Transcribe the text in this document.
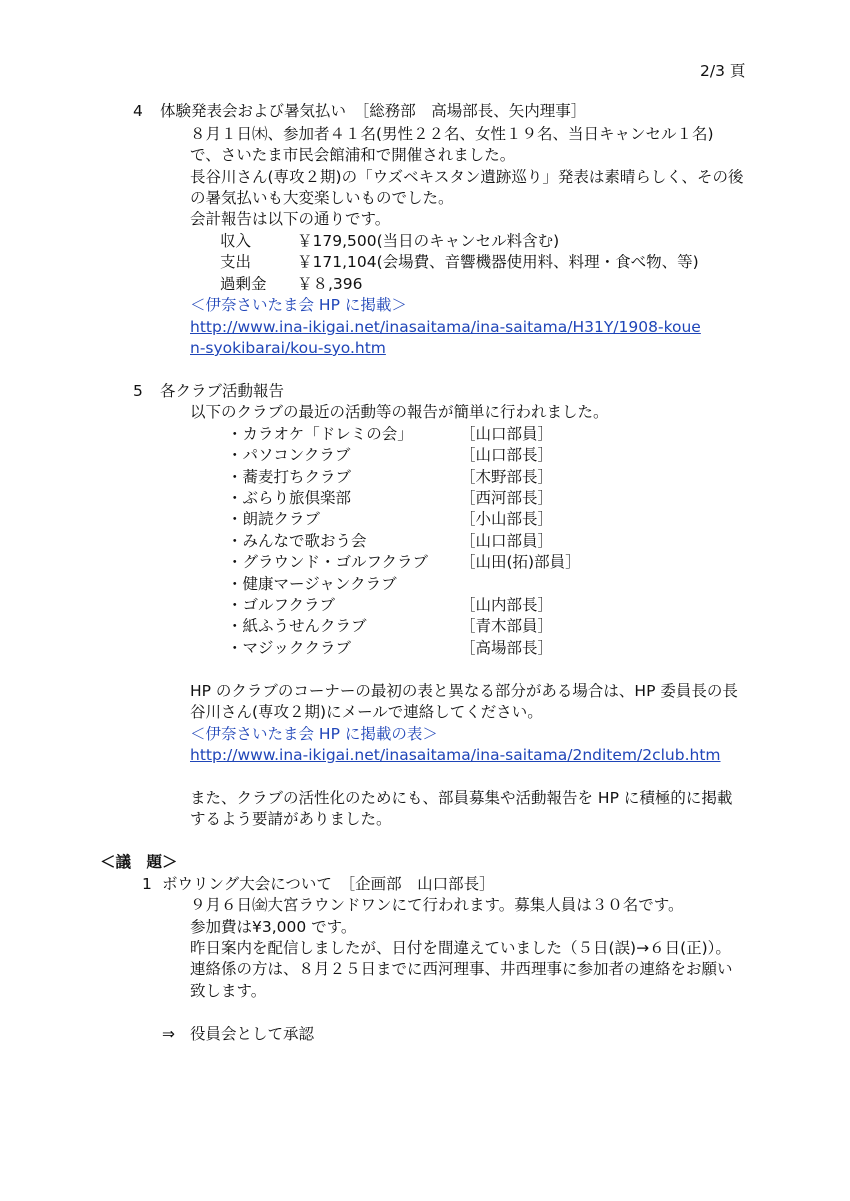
2/3 頁
4 体験発表会および暑気払い　［総務部　高場部長、矢内理事］
８月１日㈭、参加者４１名(男性２２名、女性１９名、当日キャンセル１名)
で、さいたま市民会館浦和で開催されました。
長谷川さん(専攻２期)の「ウズベキスタン遺跡巡り」発表は素晴らしく、その後
の暑気払いも大変楽しいものでした。
会計報告は以下の通りです。
収入	￥179,500(当日のキャンセル料含む)
支出	￥171,104(会場費、音響機器使用料、料理・食べ物、等)
過剰金 ￥８,396
＜伊奈さいたま会 HP に掲載＞
http://www.ina-ikigai.net/inasaitama/ina-saitama/H31Y/1908-koue
n-syokibarai/kou-syo.htm
5 各クラブ活動報告
以下のクラブの最近の活動等の報告が簡単に行われました。
・カラオケ「ドレミの会」	［山口部員］
・パソコンクラブ	［山口部長］
・蕎麦打ちクラブ	［木野部長］
・ぶらり旅倶楽部	［西河部長］
・朗読クラブ	［小山部長］
・みんなで歌おう会	［山口部員］
・グラウンド・ゴルフクラブ ［山田(拓)部員］
・健康マージャンクラブ
・ゴルフクラブ	［山内部長］
・紙ふうせんクラブ	［青木部員］
・マジッククラブ	［高場部長］
HP のクラブのコーナーの最初の表と異なる部分がある場合は、HP 委員長の長
谷川さん(専攻２期)にメールで連絡してください。
＜伊奈さいたま会 HP に掲載の表＞
http://www.ina-ikigai.net/inasaitama/ina-saitama/2nditem/2club.htm
また、クラブの活性化のためにも、部員募集や活動報告を HP に積極的に掲載
するよう要請がありました。
＜議　題＞
1 ボウリング大会について　［企画部　山口部長］
９月６日㈮大宮ラウンドワンにて行われます。募集人員は３０名です。
参加費は¥3,000 です。
昨日案内を配信しましたが、日付を間違えていました（５日(誤)→６日(正)）。
連絡係の方は、８月２５日までに西河理事、井西理事に参加者の連絡をお願い
致します。
⇒ 役員会として承認
